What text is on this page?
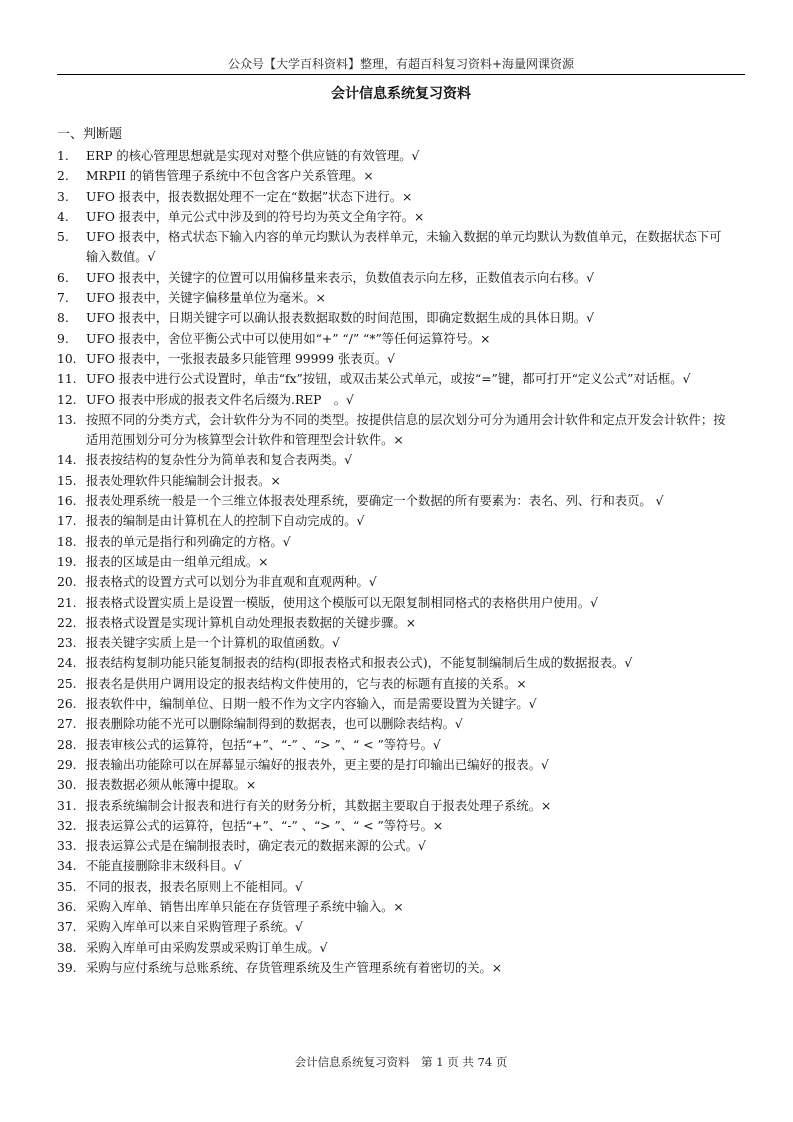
公众号【大学百科资料】整理，有超百科复习资料+海量网课资源
会计信息系统复习资料
一、判断题
1.	ERP 的核心管理思想就是实现对对整个供应链的有效管理。√
2.	MRPII 的销售管理子系统中不包含客户关系管理。×
3.	UFO 报表中，报表数据处理不一定在“数据”状态下进行。×
4.	UFO 报表中，单元公式中涉及到的符号均为英文全角字符。×
5.	UFO 报表中，格式状态下输入内容的单元均默认为表样单元，未输入数据的单元均默认为数值单元，在数据状态下可输入数值。√
6.	UFO 报表中，关键字的位置可以用偏移量来表示，负数值表示向左移，正数值表示向右移。√
7.	UFO 报表中，关键字偏移量单位为毫米。×
8.	UFO 报表中，日期关键字可以确认报表数据取数的时间范围，即确定数据生成的具体日期。√
9.	UFO 报表中，舍位平衡公式中可以使用如“+” “/” “*”等任何运算符号。×
10. UFO 报表中，一张报表最多只能管理 99999 张表页。√
11. UFO 报表中进行公式设置时，单击“fx”按钮，或双击某公式单元，或按“=”键，都可打开“定义公式”对话框。√
12. UFO 报表中形成的报表文件名后缀为.REP　。√
13. 按照不同的分类方式，会计软件分为不同的类型。按提供信息的层次划分可分为通用会计软件和定点开发会计软件；按适用范围划分可分为核算型会计软件和管理型会计软件。×
14. 报表按结构的复杂性分为简单表和复合表两类。√
15. 报表处理软件只能编制会计报表。×
16. 报表处理系统一般是一个三维立体报表处理系统，要确定一个数据的所有要素为：表名、列、行和表页。 √
17. 报表的编制是由计算机在人的控制下自动完成的。√
18. 报表的单元是指行和列确定的方格。√
19. 报表的区域是由一组单元组成。×
20. 报表格式的设置方式可以划分为非直观和直观两种。√
21. 报表格式设置实质上是设置一模版，使用这个模版可以无限复制相同格式的表格供用户使用。√
22. 报表格式设置是实现计算机自动处理报表数据的关键步骤。×
23. 报表关键字实质上是一个计算机的取值函数。√
24. 报表结构复制功能只能复制报表的结构(即报表格式和报表公式)，不能复制编制后生成的数据报表。√
25. 报表名是供用户调用设定的报表结构文件使用的，它与表的标题有直接的关系。×
26. 报表软件中，编制单位、日期一般不作为文字内容输入，而是需要设置为关键字。√
27. 报表删除功能不光可以删除编制得到的数据表，也可以删除表结构。√
28. 报表审核公式的运算符，包括“+”、“-” 、“> ”、“ < ”等符号。√
29. 报表输出功能除可以在屏幕显示编好的报表外，更主要的是打印输出已编好的报表。√
30. 报表数据必须从帐簿中提取。×
31. 报表系统编制会计报表和进行有关的财务分析，其数据主要取自于报表处理子系统。×
32. 报表运算公式的运算符，包括“+”、“-” 、“> ”、“ < ”等符号。×
33. 报表运算公式是在编制报表时，确定表元的数据来源的公式。√
34. 不能直接删除非末级科目。√
35. 不同的报表，报表名原则上不能相同。√
36. 采购入库单、销售出库单只能在存货管理子系统中输入。×
37. 采购入库单可以来自采购管理子系统。√
38. 采购入库单可由采购发票或采购订单生成。√
39. 采购与应付系统与总账系统、存货管理系统及生产管理系统有着密切的关。×
会计信息系统复习资料　第 1 页 共 74 页
